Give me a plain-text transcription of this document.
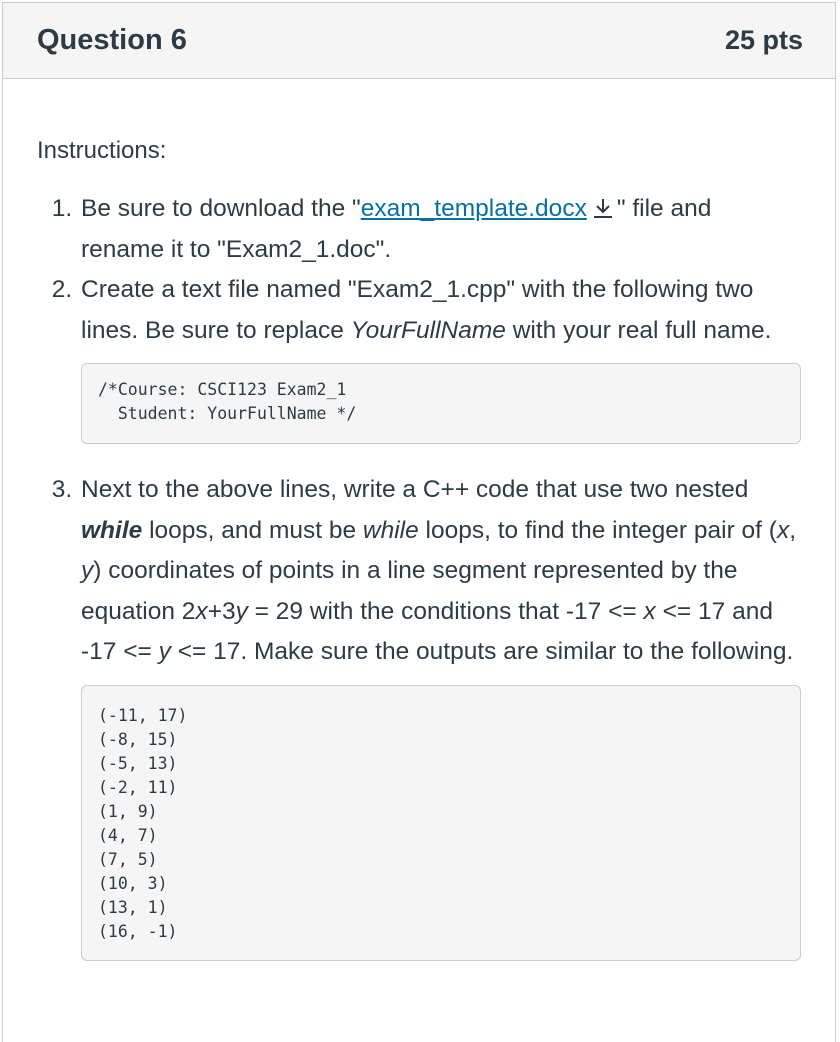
Question 6	25 pts

Instructions:

1. Be sure to download the "exam_template.docx " file and rename it to "Exam2_1.doc".
2. Create a text file named "Exam2_1.cpp" with the following two lines. Be sure to replace YourFullName with your real full name.
/*Course: CSCI123 Exam2_1
Student: YourFullName */
3. Next to the above lines, write a C++ code that use two nested while loops, and must be while loops, to find the integer pair of (x, y) coordinates of points in a line segment represented by the equation 2x+3y = 29 with the conditions that -17 <= x <= 17 and -17 <= y <= 17. Make sure the outputs are similar to the following.
(-11, 17)
(-8, 15)
(-5, 13)
(-2, 11)
(1, 9)
(4, 7)
(7, 5)
(10, 3)
(13, 1)
(16, -1)
